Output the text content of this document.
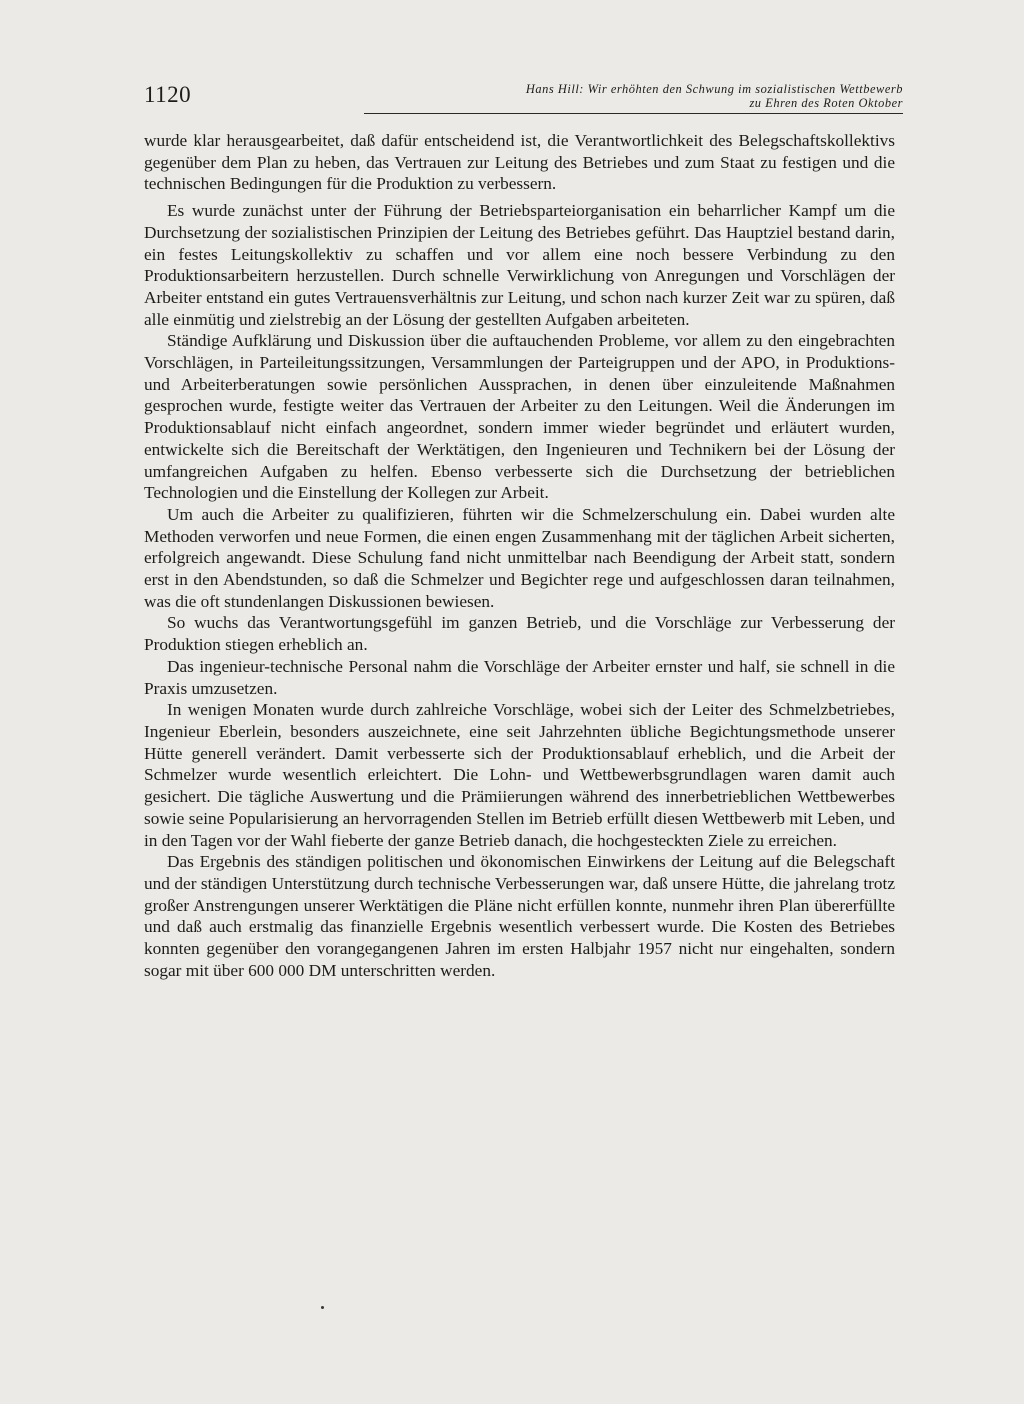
1120	Hans Hill: Wir erhöhten den Schwung im sozialistischen Wettbewerb
zu Ehren des Roten Oktober

wurde klar herausgearbeitet, daß dafür entscheidend ist, die Verantwortlichkeit des Belegschaftskollektivs gegenüber dem Plan zu heben, das Vertrauen zur Leitung des Betriebes und zum Staat zu festigen und die technischen Bedingungen für die Produktion zu verbessern.

Es wurde zunächst unter der Führung der Betriebsparteiorganisation ein beharrlicher Kampf um die Durchsetzung der sozialistischen Prinzipien der Leitung des Betriebes geführt. Das Hauptziel bestand darin, ein festes Leitungskollektiv zu schaffen und vor allem eine noch bessere Verbindung zu den Produktionsarbeitern herzustellen. Durch schnelle Verwirklichung von Anregungen und Vorschlägen der Arbeiter entstand ein gutes Vertrauensverhältnis zur Leitung, und schon nach kurzer Zeit war zu spüren, daß alle einmütig und zielstrebig an der Lösung der gestellten Aufgaben arbeiteten.

Ständige Aufklärung und Diskussion über die auftauchenden Probleme, vor allem zu den eingebrachten Vorschlägen, in Parteileitungssitzungen, Versammlungen der Parteigruppen und der APO, in Produktions- und Arbeiterberatungen sowie persönlichen Aussprachen, in denen über einzuleitende Maßnahmen gesprochen wurde, festigte weiter das Vertrauen der Arbeiter zu den Leitungen. Weil die Änderungen im Produktionsablauf nicht einfach angeordnet, sondern immer wieder begründet und erläutert wurden, entwickelte sich die Bereitschaft der Werktätigen, den Ingenieuren und Technikern bei der Lösung der umfangreichen Aufgaben zu helfen. Ebenso verbesserte sich die Durchsetzung der betrieblichen Technologien und die Einstellung der Kollegen zur Arbeit.

Um auch die Arbeiter zu qualifizieren, führten wir die Schmelzerschulung ein. Dabei wurden alte Methoden verworfen und neue Formen, die einen engen Zusammenhang mit der täglichen Arbeit sicherten, erfolgreich angewandt. Diese Schulung fand nicht unmittelbar nach Beendigung der Arbeit statt, sondern erst in den Abendstunden, so daß die Schmelzer und Begichter rege und aufgeschlossen daran teilnahmen, was die oft stundenlangen Diskussionen bewiesen.

So wuchs das Verantwortungsgefühl im ganzen Betrieb, und die Vorschläge zur Verbesserung der Produktion stiegen erheblich an.

Das ingenieur-technische Personal nahm die Vorschläge der Arbeiter ernster und half, sie schnell in die Praxis umzusetzen.

In wenigen Monaten wurde durch zahlreiche Vorschläge, wobei sich der Leiter des Schmelzbetriebes, Ingenieur Eberlein, besonders auszeichnete, eine seit Jahrzehnten übliche Begichtungsmethode unserer Hütte generell verändert. Damit verbesserte sich der Produktionsablauf erheblich, und die Arbeit der Schmelzer wurde wesentlich erleichtert. Die Lohn- und Wettbewerbsgrundlagen waren damit auch gesichert. Die tägliche Auswertung und die Prämiierungen während des innerbetrieblichen Wettbewerbes sowie seine Popularisierung an hervorragenden Stellen im Betrieb erfüllt diesen Wettbewerb mit Leben, und in den Tagen vor der Wahl fieberte der ganze Betrieb danach, die hochgesteckten Ziele zu erreichen.

Das Ergebnis des ständigen politischen und ökonomischen Einwirkens der Leitung auf die Belegschaft und der ständigen Unterstützung durch technische Verbesserungen war, daß unsere Hütte, die jahrelang trotz großer Anstrengungen unserer Werktätigen die Pläne nicht erfüllen konnte, nunmehr ihren Plan übererfüllte und daß auch erstmalig das finanzielle Ergebnis wesentlich verbessert wurde. Die Kosten des Betriebes konnten gegenüber den vorangegangenen Jahren im ersten Halbjahr 1957 nicht nur eingehalten, sondern sogar mit über 600 000 DM unterschritten werden.
